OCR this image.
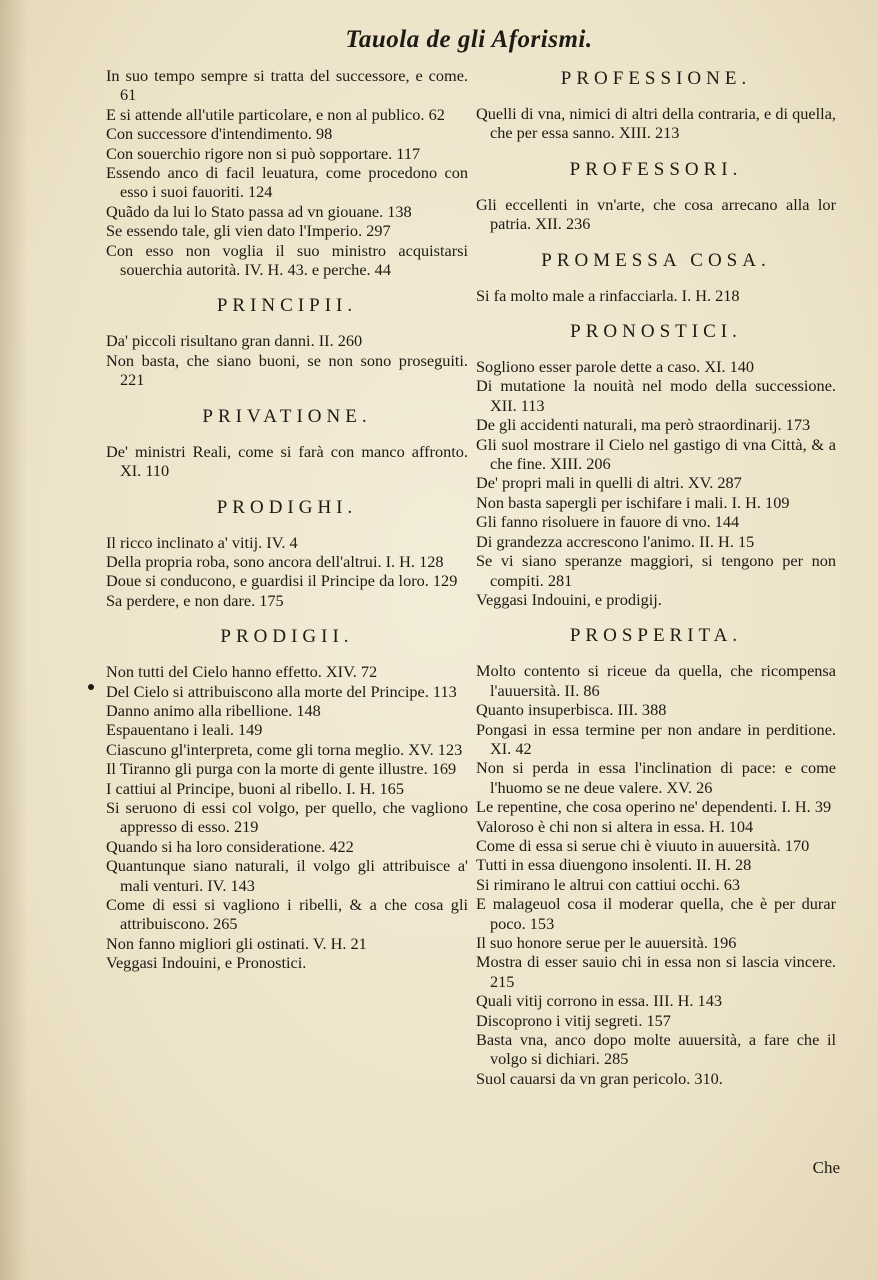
Tauola de gli Aforismi.

In suo tempo sempre si tratta del successore, e come. 61

E si attende all'utile particolare, e non al publico. 62

Con successore d'intendimento. 98

Con souerchio rigore non si può sopportare. 117

Essendo anco di facil leuatura, come procedono con esso i suoi fauoriti. 124

Quãdo da lui lo Stato passa ad vn giouane. 138

Se essendo tale, gli vien dato l'Imperio. 297

Con esso non voglia il suo ministro acquistarsi souerchia autorità. IV. H. 43. e perche. 44

PRINCIPII.

Da' piccoli risultano gran danni. II. 260

Non basta, che siano buoni, se non sono proseguiti. 221

PRIVATIONE.

De' ministri Reali, come si farà con manco affronto. XI. 110

PRODIGHI.

Il ricco inclinato a' vitij. IV. 4

Della propria roba, sono ancora dell'altrui. I. H. 128

Doue si conducono, e guardisi il Principe da loro. 129

Sa perdere, e non dare. 175

PRODIGII.

Non tutti del Cielo hanno effetto. XIV. 72

Del Cielo si attribuiscono alla morte del Principe. 113

Danno animo alla ribellione. 148

Espauentano i leali. 149

Ciascuno gl'interpreta, come gli torna meglio. XV. 123

Il Tiranno gli purga con la morte di gente illustre. 169

I cattiui al Principe, buoni al ribello. I. H. 165

Si seruono di essi col volgo, per quello, che vagliono appresso di esso. 219

Quando si ha loro consideratione. 422

Quantunque siano naturali, il volgo gli attribuisce a' mali venturi. IV. 143

Come di essi si vagliono i ribelli, & a che cosa gli attribuiscono. 265

Non fanno migliori gli ostinati. V. H. 21

Veggasi Indouini, e Pronostici.

PROFESSIONE.

Quelli di vna, nimici di altri della contraria, e di quella, che per essa sanno. XIII. 213

PROFESSORI.

Gli eccellenti in vn'arte, che cosa arrecano alla lor patria. XII. 236

PROMESSA COSA.

Si fa molto male a rinfacciarla. I. H. 218

PRONOSTICI.

Sogliono esser parole dette a caso. XI. 140

Di mutatione la nouità nel modo della successione. XII. 113

De gli accidenti naturali, ma però straordinarij. 173

Gli suol mostrare il Cielo nel gastigo di vna Città, & a che fine. XIII. 206

De' propri mali in quelli di altri. XV. 287

Non basta sapergli per ischifare i mali. I. H. 109

Gli fanno risoluere in fauore di vno. 144

Di grandezza accrescono l'animo. II. H. 15

Se vi siano speranze maggiori, si tengono per non compiti. 281

Veggasi Indouini, e prodigij.

PROSPERITA.

Molto contento si riceue da quella, che ricompensa l'auuersità. II. 86

Quanto insuperbisca. III. 388

Pongasi in essa termine per non andare in perditione. XI. 42

Non si perda in essa l'inclination di pace: e come l'huomo se ne deue valere. XV. 26

Le repentine, che cosa operino ne' dependenti. I. H. 39

Valoroso è chi non si altera in essa. H. 104

Come di essa si serue chi è viuuto in auuersità. 170

Tutti in essa diuengono insolenti. II. H. 28

Si rimirano le altrui con cattiui occhi. 63

E malageuol cosa il moderar quella, che è per durar poco. 153

Il suo honore serue per le auuersità. 196

Mostra di esser sauio chi in essa non si lascia vincere. 215

Quali vitij corrono in essa. III. H. 143

Discoprono i vitij segreti. 157

Basta vna, anco dopo molte auuersità, a fare che il volgo si dichiari. 285

Suol cauarsi da vn gran pericolo. 310.

Che
